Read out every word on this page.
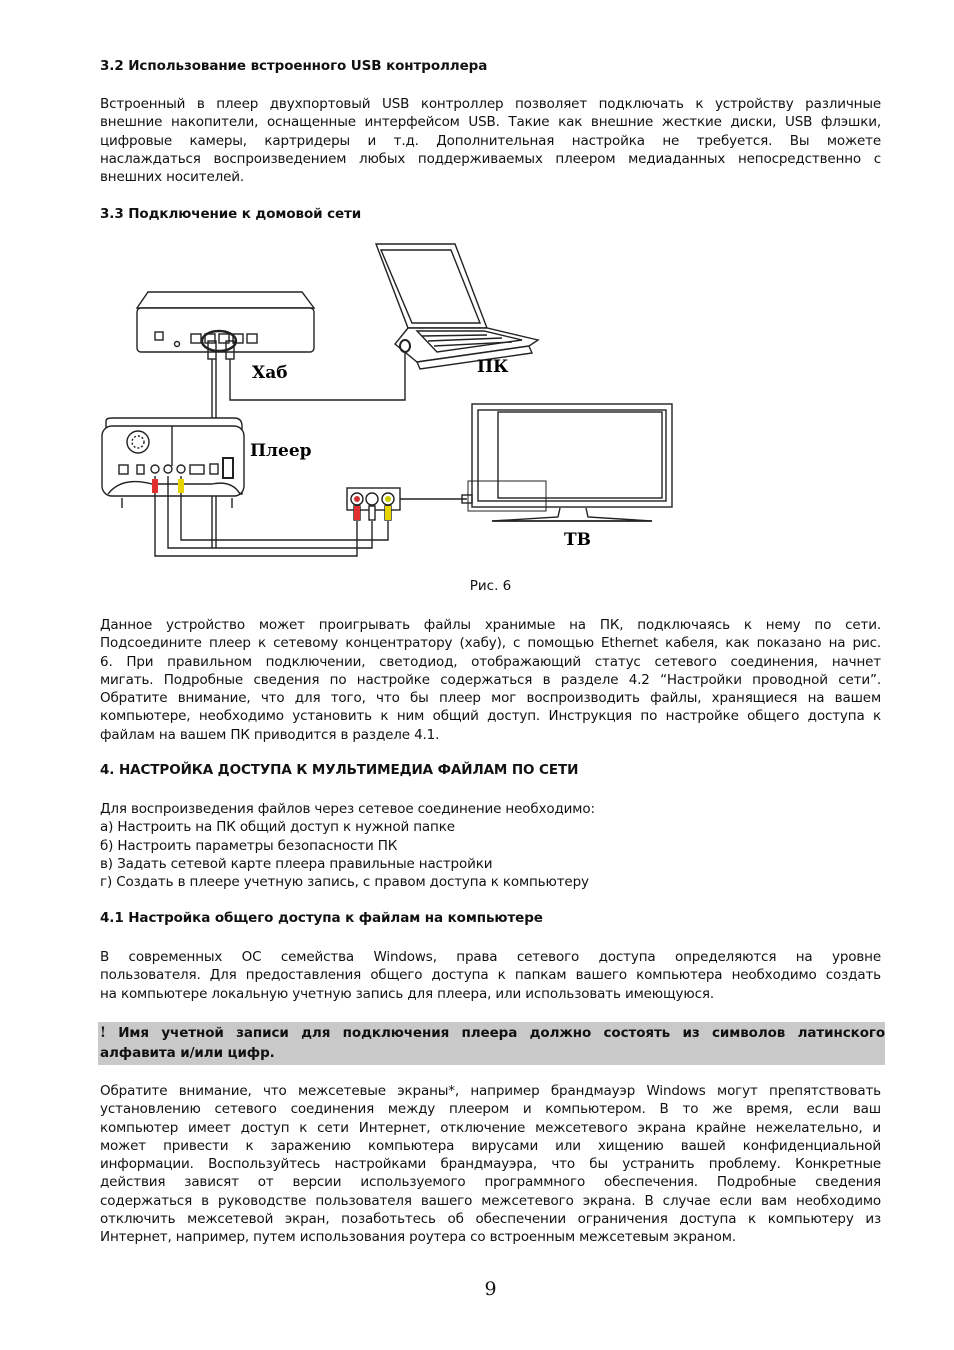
3.2 Использование встроенного USB контроллера
Встроенный в плеер двухпортовый USB контроллер позволяет подключать к устройству различные
внешние накопители, оснащенные интерфейсом USB. Такие как внешние жесткие диски, USB флэшки,
цифровые камеры, картридеры и т.д. Дополнительная настройка не требуется. Вы можете
наслаждаться воспроизведением любых поддерживаемых плеером медиаданных непосредственно с
внешних носителей.
3.3 Подключение к домовой сети
Хаб	ПК
Плеер
ТВ
Рис. 6
Данное устройство может проигрывать файлы хранимые на ПК, подключаясь к нему по сети.
Подсоедините плеер к сетевому концентратору (хабу), с помощью Ethernet кабеля, как показано на рис.
6. При правильном подключении, светодиод, отображающий статус сетевого соединения, начнет
мигать. Подробные сведения по настройке содержаться в разделе 4.2 “Настройки проводной сети”.
Обратите внимание, что для того, что бы плеер мог воспроизводить файлы, хранящиеся на вашем
компьютере, необходимо установить к ним общий доступ. Инструкция по настройке общего доступа к
файлам на вашем ПК приводится в разделе 4.1.
4. НАСТРОЙКА ДОСТУПА К МУЛЬТИМЕДИА ФАЙЛАМ ПО СЕТИ
Для воспроизведения файлов через сетевое соединение необходимо:
а) Настроить на ПК общий доступ к нужной папке
б) Настроить параметры безопасности ПК
в) Задать сетевой карте плеера правильные настройки
г) Создать в плеере учетную запись, с правом доступа к компьютеру
4.1 Настройка общего доступа к файлам на компьютере
В современных ОС семейства Windows, права сетевого доступа определяются на уровне
пользователя. Для предоставления общего доступа к папкам вашего компьютера необходимо создать
на компьютере локальную учетную запись для плеера, или использовать имеющуюся.
! Имя учетной записи для подключения плеера должно состоять из символов латинского
алфавита и/или цифр.
Обратите внимание, что межсетевые экраны*, например брандмауэр Windows могут препятствовать
установлению сетевого соединения между плеером и компьютером. В то же время, если ваш
компьютер имеет доступ к сети Интернет, отключение межсетевого экрана крайне нежелательно, и
может привести к заражению компьютера вирусами или хищению вашей конфиденциальной
информации. Воспользуйтесь настройками брандмауэра, что бы устранить проблему. Конкретные
действия зависят от версии используемого программного обеспечения. Подробные сведения
содержаться в руководстве пользователя вашего межсетевого экрана. В случае если вам необходимо
отключить межсетевой экран, позаботьтесь об обеспечении ограничения доступа к компьютеру из
Интернет, например, путем использования роутера со встроенным межсетевым экраном.
9
